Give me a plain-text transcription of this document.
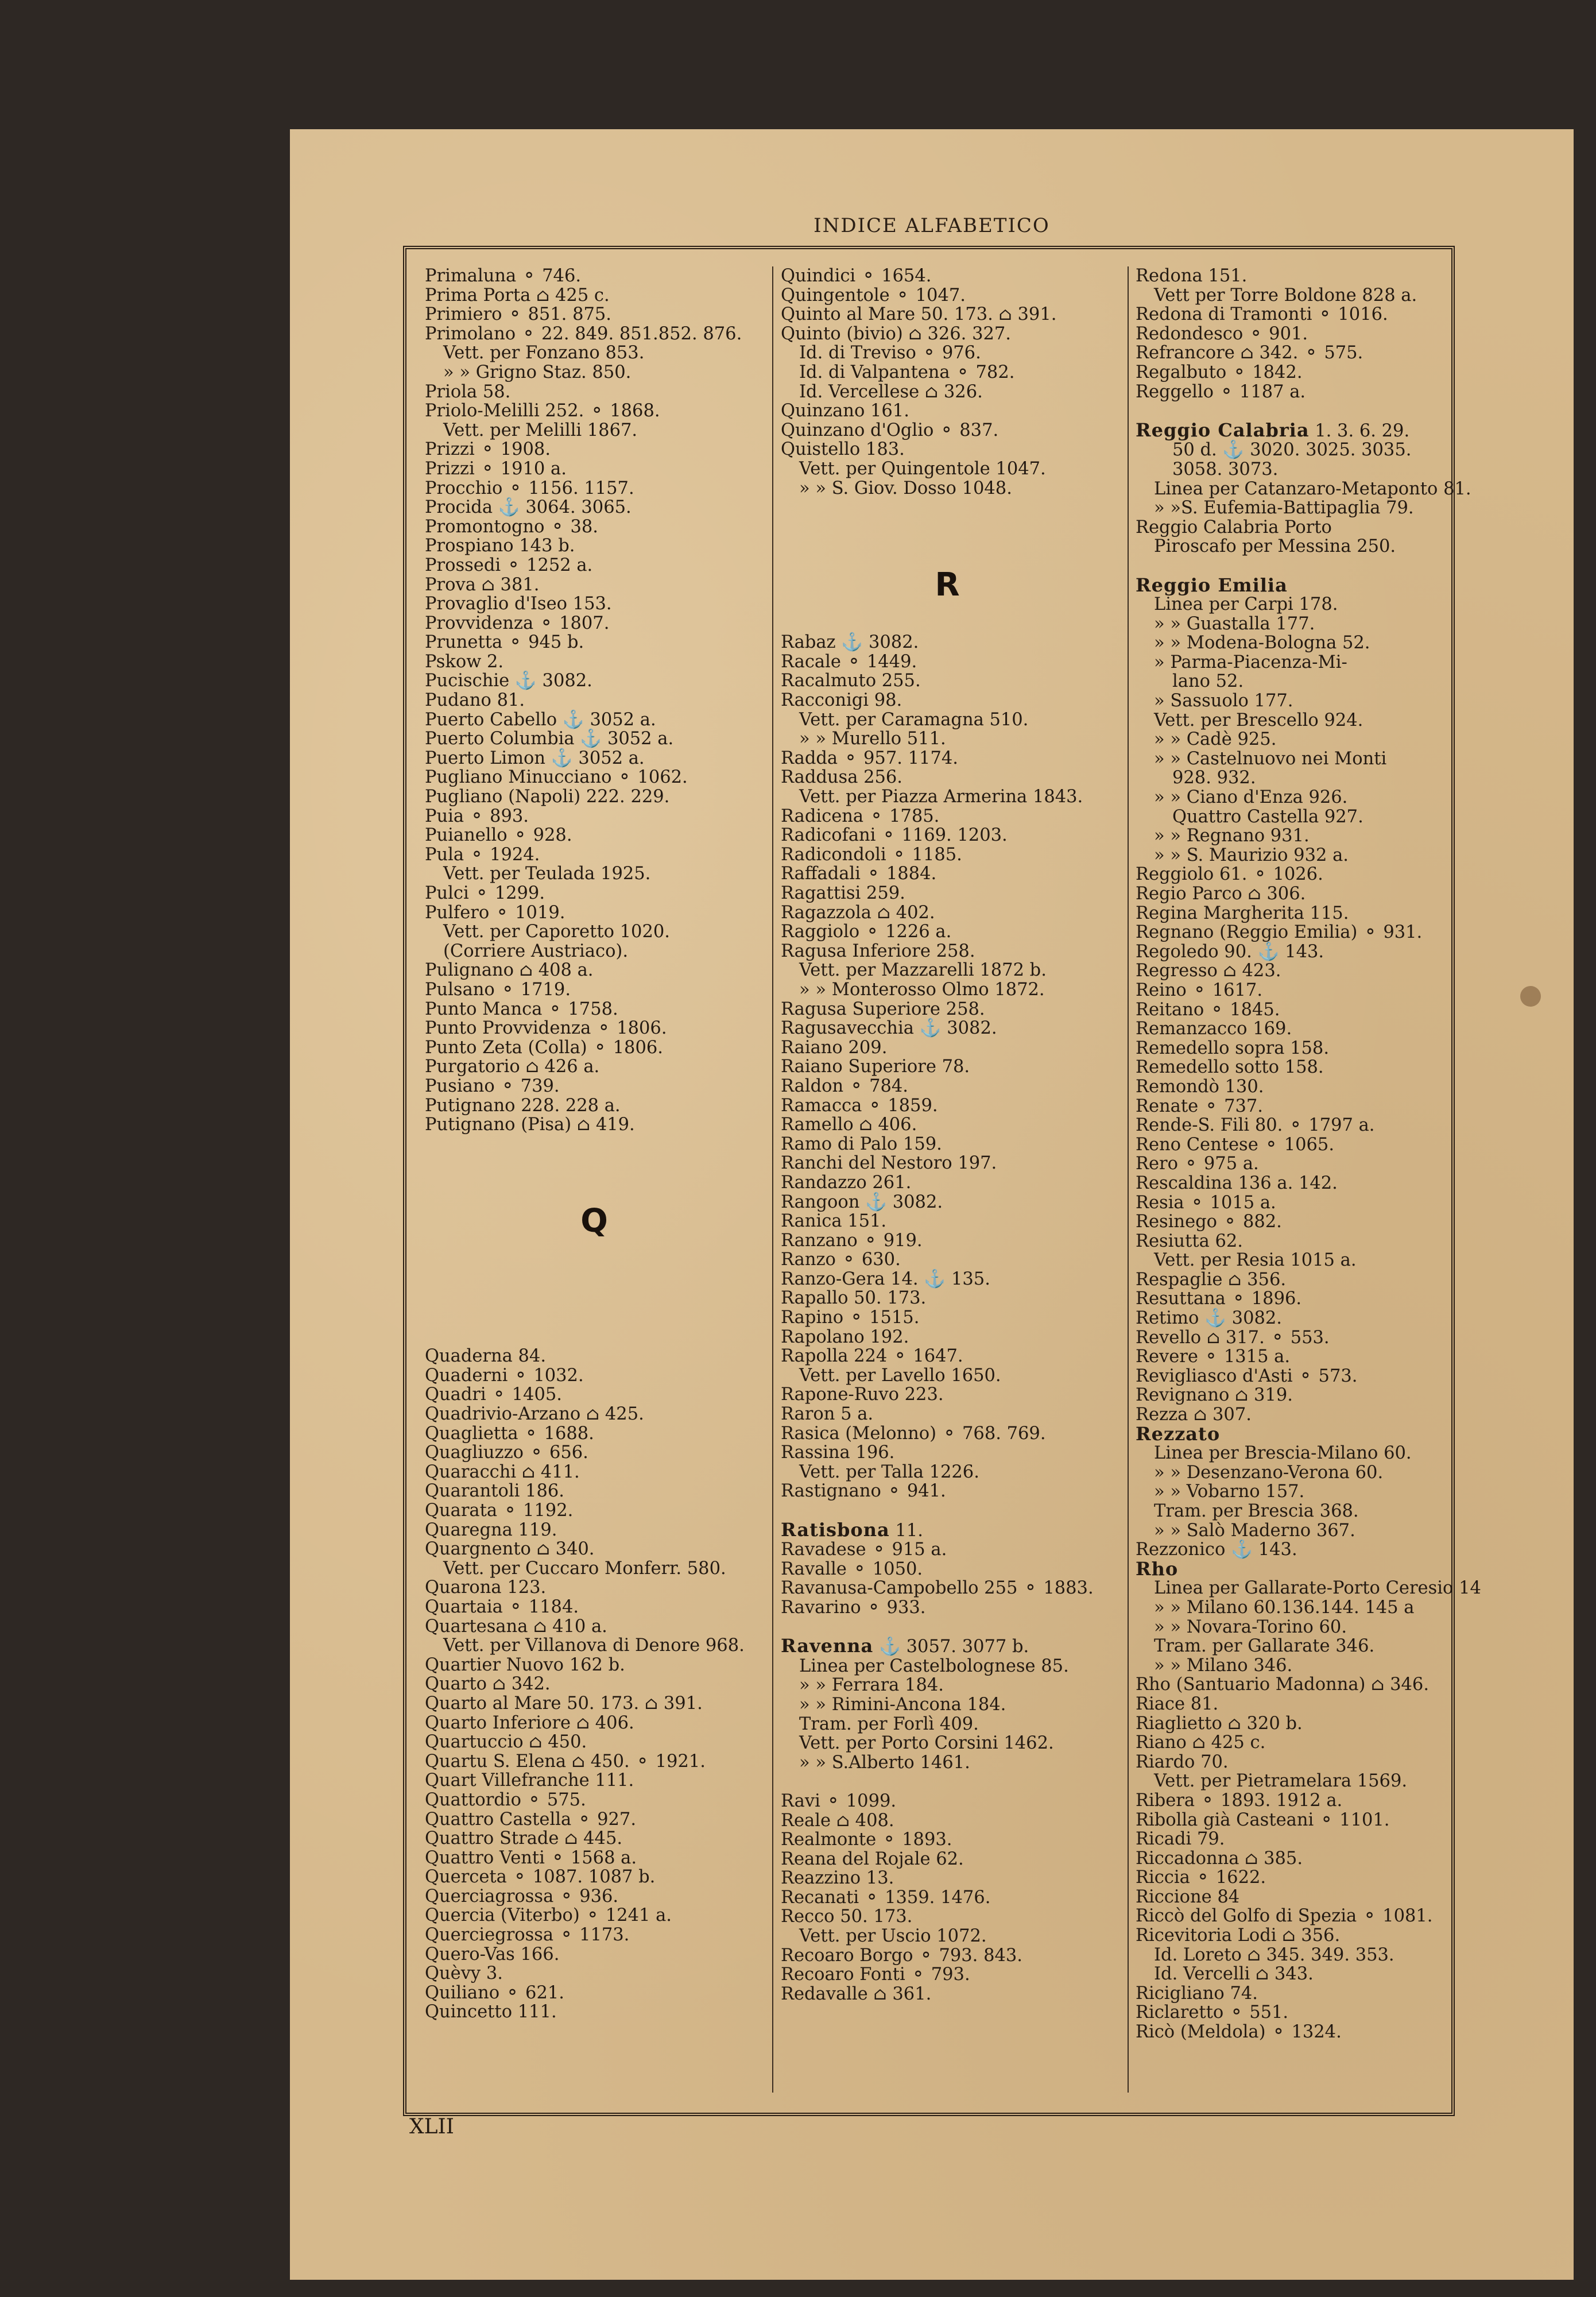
INDICE ALFABETICO
Primaluna ⚬ 746.
Prima Porta ⌂ 425 c.
Primiero ⚬ 851. 875.
Primolano ⚬ 22. 849. 851.852. 876.
Vett. per Fonzano 853.
» » Grigno Staz. 850.
Priola 58.
Priolo-Melilli 252. ⚬ 1868.
Vett. per Melilli 1867.
Prizzi ⚬ 1908.
Prizzi ⚬ 1910 a.
Procchio ⚬ 1156. 1157.
Procida ⚓ 3064. 3065.
Promontogno ⚬ 38.
Prospiano 143 b.
Prossedi ⚬ 1252 a.
Prova ⌂ 381.
Provaglio d'Iseo 153.
Provvidenza ⚬ 1807.
Prunetta ⚬ 945 b.
Pskow 2.
Pucischie ⚓ 3082.
Pudano 81.
Puerto Cabello ⚓ 3052 a.
Puerto Columbia ⚓ 3052 a.
Puerto Limon ⚓ 3052 a.
Pugliano Minucciano ⚬ 1062.
Pugliano (Napoli) 222. 229.
Puia ⚬ 893.
Puianello ⚬ 928.
Pula ⚬ 1924.
Vett. per Teulada 1925.
Pulci ⚬ 1299.
Pulfero ⚬ 1019.
Vett. per Caporetto 1020.
(Corriere Austriaco).
Pulignano ⌂ 408 a.
Pulsano ⚬ 1719.
Punto Manca ⚬ 1758.
Punto Provvidenza ⚬ 1806.
Punto Zeta (Colla) ⚬ 1806.
Purgatorio ⌂ 426 a.
Pusiano ⚬ 739.
Putignano 228. 228 a.
Putignano (Pisa) ⌂ 419.
Q
Quaderna 84.
Quaderni ⚬ 1032.
Quadri ⚬ 1405.
Quadrivio-Arzano ⌂ 425.
Quaglietta ⚬ 1688.
Quagliuzzo ⚬ 656.
Quaracchi ⌂ 411.
Quarantoli 186.
Quarata ⚬ 1192.
Quaregna 119.
Quargnento ⌂ 340.
Vett. per Cuccaro Monferr. 580.
Quarona 123.
Quartaia ⚬ 1184.
Quartesana ⌂ 410 a.
Vett. per Villanova di Denore 968.
Quartier Nuovo 162 b.
Quarto ⌂ 342.
Quarto al Mare 50. 173. ⌂ 391.
Quarto Inferiore ⌂ 406.
Quartuccio ⌂ 450.
Quartu S. Elena ⌂ 450. ⚬ 1921.
Quart Villefranche 111.
Quattordio ⚬ 575.
Quattro Castella ⚬ 927.
Quattro Strade ⌂ 445.
Quattro Venti ⚬ 1568 a.
Querceta ⚬ 1087. 1087 b.
Querciagrossa ⚬ 936.
Quercia (Viterbo) ⚬ 1241 a.
Querciegrossa ⚬ 1173.
Quero-Vas 166.
Quèvy 3.
Quiliano ⚬ 621.
Quincetto 111.
Quindici ⚬ 1654.
Quingentole ⚬ 1047.
Quinto al Mare 50. 173. ⌂ 391.
Quinto (bivio) ⌂ 326. 327.
Id. di Treviso ⚬ 976.
Id. di Valpantena ⚬ 782.
Id. Vercellese ⌂ 326.
Quinzano 161.
Quinzano d'Oglio ⚬ 837.
Quistello 183.
Vett. per Quingentole 1047.
» » S. Giov. Dosso 1048.
R
Rabaz ⚓ 3082.
Racale ⚬ 1449.
Racalmuto 255.
Racconigi 98.
Vett. per Caramagna 510.
» » Murello 511.
Radda ⚬ 957. 1174.
Raddusa 256.
Vett. per Piazza Armerina 1843.
Radicena ⚬ 1785.
Radicofani ⚬ 1169. 1203.
Radicondoli ⚬ 1185.
Raffadali ⚬ 1884.
Ragattisi 259.
Ragazzola ⌂ 402.
Raggiolo ⚬ 1226 a.
Ragusa Inferiore 258.
Vett. per Mazzarelli 1872 b.
» » Monterosso Olmo 1872.
Ragusa Superiore 258.
Ragusavecchia ⚓ 3082.
Raiano 209.
Raiano Superiore 78.
Raldon ⚬ 784.
Ramacca ⚬ 1859.
Ramello ⌂ 406.
Ramo di Palo 159.
Ranchi del Nestoro 197.
Randazzo 261.
Rangoon ⚓ 3082.
Ranica 151.
Ranzano ⚬ 919.
Ranzo ⚬ 630.
Ranzo-Gera 14. ⚓ 135.
Rapallo 50. 173.
Rapino ⚬ 1515.
Rapolano 192.
Rapolla 224 ⚬ 1647.
Vett. per Lavello 1650.
Rapone-Ruvo 223.
Raron 5 a.
Rasica (Melonno) ⚬ 768. 769.
Rassina 196.
Vett. per Talla 1226.
Rastignano ⚬ 941.
Ratisbona 11.
Ravadese ⚬ 915 a.
Ravalle ⚬ 1050.
Ravanusa-Campobello 255 ⚬ 1883.
Ravarino ⚬ 933.
Ravenna ⚓ 3057. 3077 b.
Linea per Castelbolognese 85.
» » Ferrara 184.
» » Rimini-Ancona 184.
Tram. per Forlì 409.
Vett. per Porto Corsini 1462.
» » S.Alberto 1461.

Ravi ⚬ 1099.
Reale ⌂ 408.
Realmonte ⚬ 1893.
Reana del Rojale 62.
Reazzino 13.
Recanati ⚬ 1359. 1476.
Recco 50. 173.
Vett. per Uscio 1072.
Recoaro Borgo ⚬ 793. 843.
Recoaro Fonti ⚬ 793.
Redavalle ⌂ 361.
Redona 151.
Vett per Torre Boldone 828 a.
Redona di Tramonti ⚬ 1016.
Redondesco ⚬ 901.
Refrancore ⌂ 342. ⚬ 575.
Regalbuto ⚬ 1842.
Reggello ⚬ 1187 a.
Reggio Calabria 1. 3. 6. 29.
50 d. ⚓ 3020. 3025. 3035.
3058. 3073.
Linea per Catanzaro-Metaponto 81.
» »S. Eufemia-Battipaglia 79.
Reggio Calabria Porto
Piroscafo per Messina 250.
Reggio Emilia
Linea per Carpi 178.
» » Guastalla 177.
» » Modena-Bologna 52.
» Parma-Piacenza-Mi-
lano 52.
» Sassuolo 177.
Vett. per Brescello 924.
» » Cadè 925.
» » Castelnuovo nei Monti
928. 932.
» » Ciano d'Enza 926.
Quattro Castella 927.
» » Regnano 931.
» » S. Maurizio 932 a.
Reggiolo 61. ⚬ 1026.
Regio Parco ⌂ 306.
Regina Margherita 115.
Regnano (Reggio Emilia) ⚬ 931.
Regoledo 90. ⚓ 143.
Regresso ⌂ 423.
Reino ⚬ 1617.
Reitano ⚬ 1845.
Remanzacco 169.
Remedello sopra 158.
Remedello sotto 158.
Remondò 130.
Renate ⚬ 737.
Rende-S. Fili 80. ⚬ 1797 a.
Reno Centese ⚬ 1065.
Rero ⚬ 975 a.
Rescaldina 136 a. 142.
Resia ⚬ 1015 a.
Resinego ⚬ 882.
Resiutta 62.
Vett. per Resia 1015 a.
Respaglie ⌂ 356.
Resuttana ⚬ 1896.
Retimo ⚓ 3082.
Revello ⌂ 317. ⚬ 553.
Revere ⚬ 1315 a.
Revigliasco d'Asti ⚬ 573.
Revignano ⌂ 319.
Rezza ⌂ 307.
Rezzato
Linea per Brescia-Milano 60.
» » Desenzano-Verona 60.
» » Vobarno 157.
Tram. per Brescia 368.
» » Salò Maderno 367.
Rezzonico ⚓ 143.
Rho
Linea per Gallarate-Porto Ceresio 14
» » Milano 60.136.144. 145 a
» » Novara-Torino 60.
Tram. per Gallarate 346.
» » Milano 346.
Rho (Santuario Madonna) ⌂ 346.
Riace 81.
Riaglietto ⌂ 320 b.
Riano ⌂ 425 c.
Riardo 70.
Vett. per Pietramelara 1569.
Ribera ⚬ 1893. 1912 a.
Ribolla già Casteani ⚬ 1101.
Ricadi 79.
Riccadonna ⌂ 385.
Riccia ⚬ 1622.
Riccione 84
Riccò del Golfo di Spezia ⚬ 1081.
Ricevitoria Lodi ⌂ 356.
Id. Loreto ⌂ 345. 349. 353.
Id. Vercelli ⌂ 343.
Ricigliano 74.
Riclaretto ⚬ 551.
Ricò (Meldola) ⚬ 1324.
XLII
